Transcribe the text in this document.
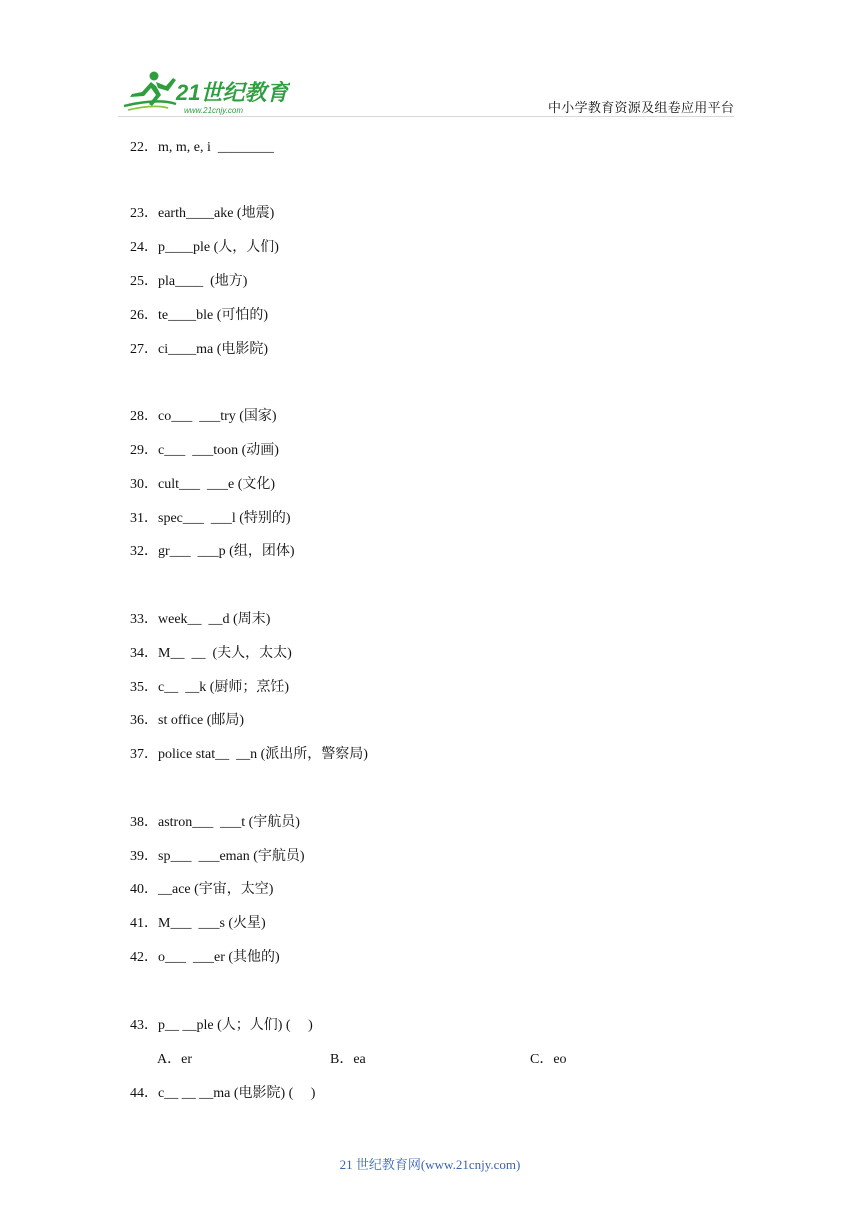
21世纪教育
www.21cnjy.com	中小学教育资源及组卷应用平台
22．m, m, e, i  ________
23．earth____ake (地震)
24．p____ple (人，人们)
25．pla____  (地方)
26．te____ble (可怕的)
27．ci____ma (电影院)
28．co___  ___try (国家)
29．c___  ___toon (动画)
30．cult___  ___e (文化)
31．spec___  ___l (特别的)
32．gr___  ___p (组，团体)
33．week__  __d (周末)
34．M__  __  (夫人，太太)
35．c__  __k (厨师；烹饪)
36．st office (邮局)
37．police stat__  __n (派出所，警察局)
38．astron___  ___t (宇航员)
39．sp___  ___eman (宇航员)
40．__ace (宇宙，太空)
41．M___  ___s (火星)
42．o___  ___er (其他的)
43．p__ __ple (人；人们) (     )
A．er	B．ea	C．eo
44．c__ __ __ma (电影院) (     )
21 世纪教育网(www.21cnjy.com)
